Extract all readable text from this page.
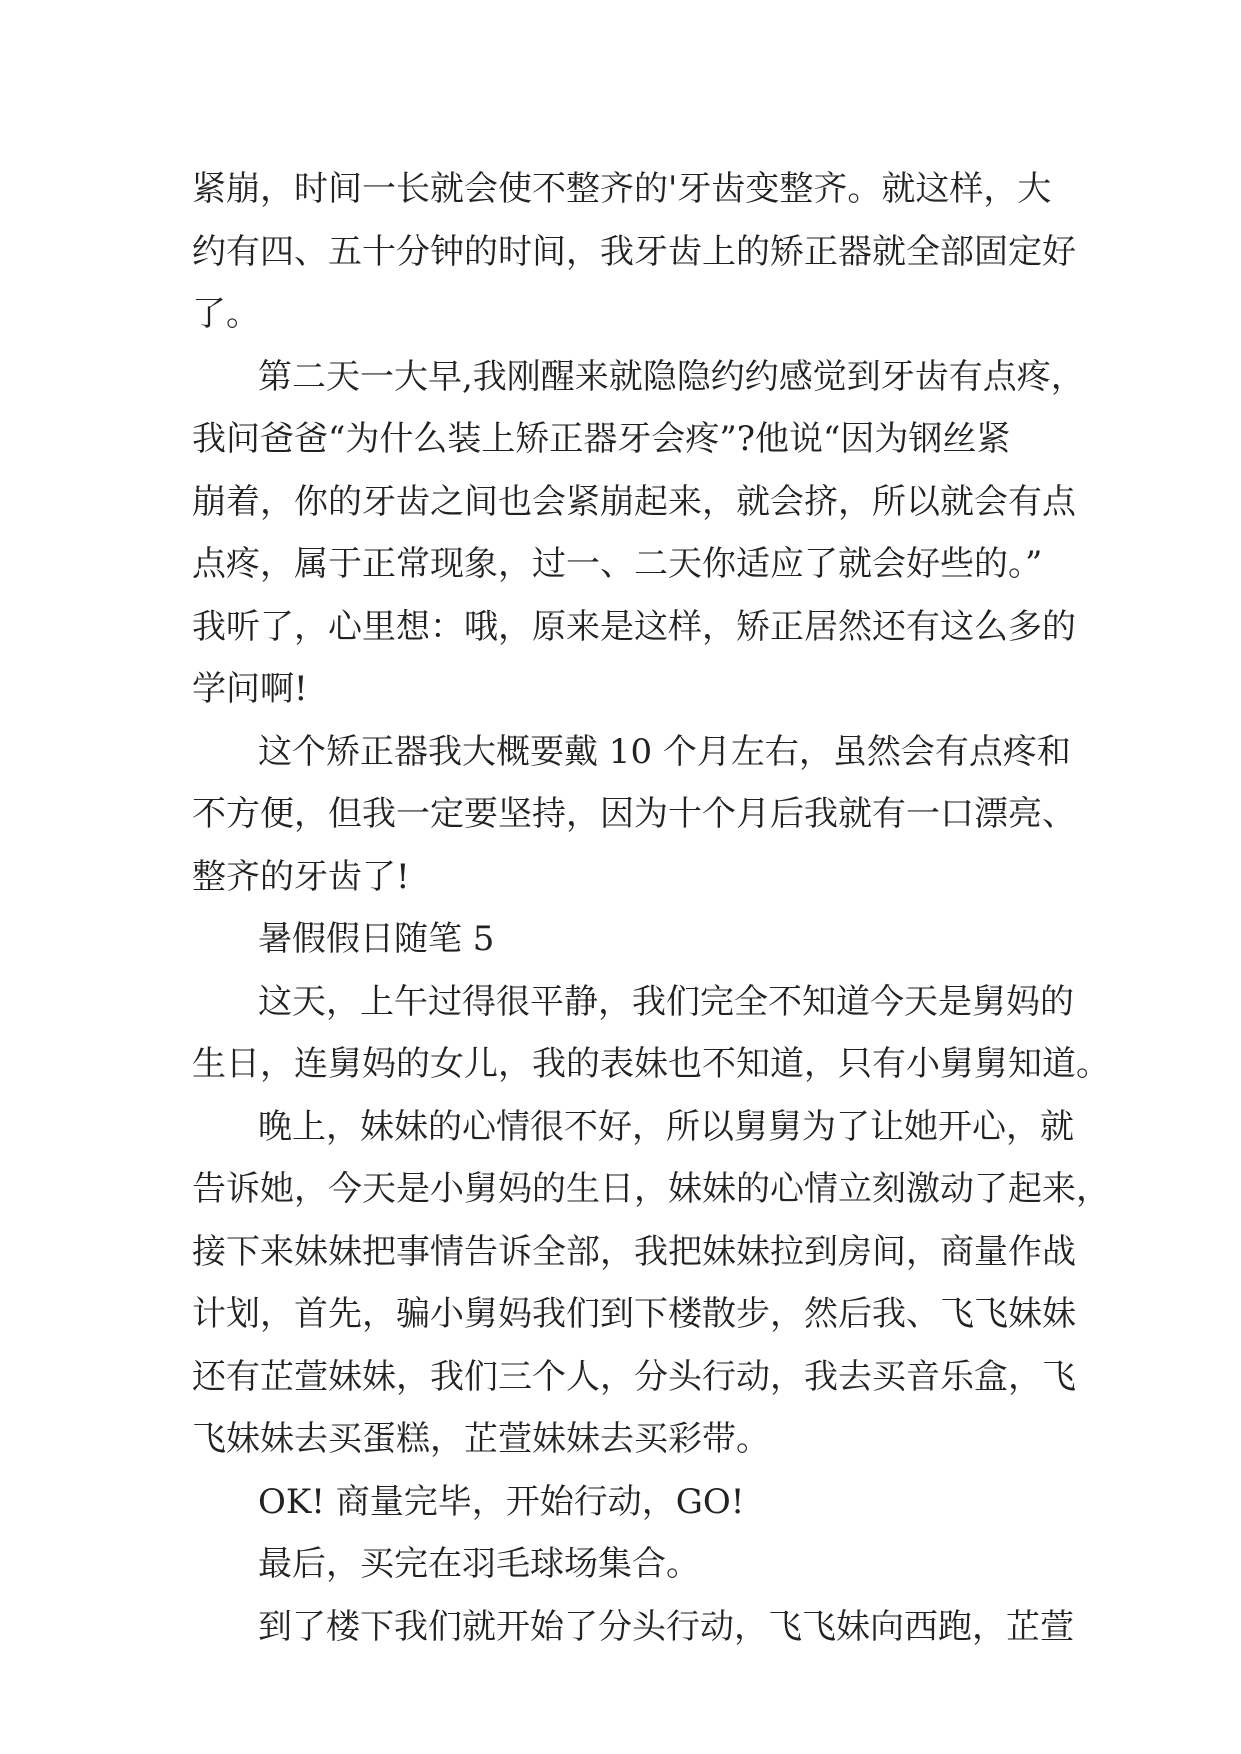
紧崩，时间一长就会使不整齐的'牙齿变整齐。就这样，大
约有四、五十分钟的时间，我牙齿上的矫正器就全部固定好
了。
第二天一大早,我刚醒来就隐隐约约感觉到牙齿有点疼，
我问爸爸“为什么装上矫正器牙会疼”?他说“因为钢丝紧
崩着，你的牙齿之间也会紧崩起来，就会挤，所以就会有点
点疼，属于正常现象，过一、二天你适应了就会好些的。”
我听了，心里想：哦，原来是这样，矫正居然还有这么多的
学问啊!
这个矫正器我大概要戴 10 个月左右，虽然会有点疼和
不方便，但我一定要坚持，因为十个月后我就有一口漂亮、
整齐的牙齿了!
暑假假日随笔 5
这天，上午过得很平静，我们完全不知道今天是舅妈的
生日，连舅妈的女儿，我的表妹也不知道，只有小舅舅知道。
晚上，妹妹的心情很不好，所以舅舅为了让她开心，就
告诉她，今天是小舅妈的生日，妹妹的心情立刻激动了起来，
接下来妹妹把事情告诉全部，我把妹妹拉到房间，商量作战
计划，首先，骗小舅妈我们到下楼散步，然后我、飞飞妹妹
还有芷萱妹妹，我们三个人，分头行动，我去买音乐盒，飞
飞妹妹去买蛋糕，芷萱妹妹去买彩带。
OK! 商量完毕，开始行动，GO!
最后，买完在羽毛球场集合。
到了楼下我们就开始了分头行动，飞飞妹向西跑，芷萱
